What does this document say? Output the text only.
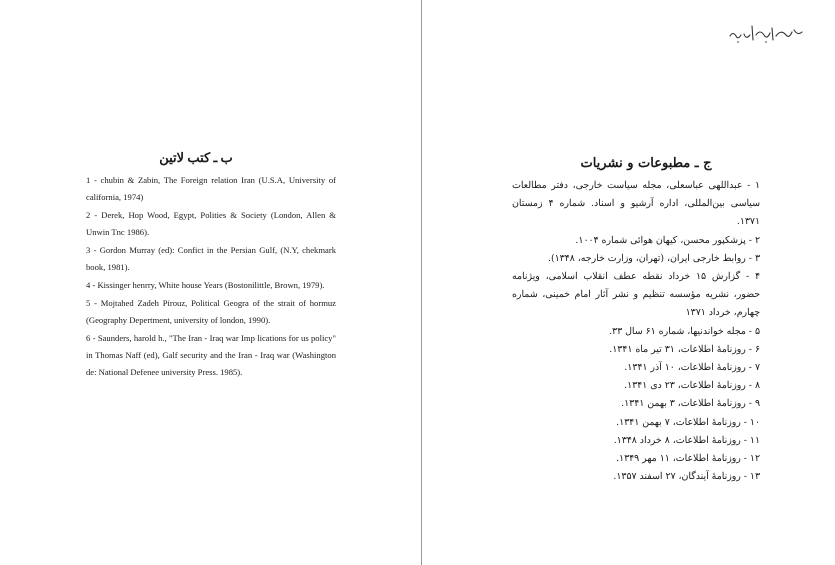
ب ـ کتب لاتین

1 - chubin & Zabin, The Foreign relation Iran (U.S.A, University of california, 1974)

2 - Derek, Hop Wood, Egypt, Polities & Society (London, Allen & Unwin Tnc 1986).

3 - Gordon Murray (ed): Confict in the Persian Gulf, (N.Y, chekmark book, 1981).

4 - Kissinger henrry, White house Years (Bostonilittle, Brown, 1979).

5 - Mojtahed Zadeh Pirouz, Political Geogra of the strait of hormuz (Geography Depertment, university of london, 1990).

6 - Saunders, harold h., "The Iran - Iraq war Imp lications for us policy" in Thomas Naff (ed), Galf security and the Iran - Iraq war (Washington de: National Defenee university Press. 1985).

ج ـ مطبوعات و نشریات

۱ - عبداللهی عباسعلی، مجله سیاست خارجی، دفتر مطالعات سیاسی بین‌المللی، اداره آرشیو و اسناد. شماره ۴ زمستان ۱۳۷۱.

۲ - پزشکپور محسن، کیهان هوائی شماره ۱۰۰۴.

۳ - روابط خارجی ایران، (تهران، وزارت خارجه، ۱۳۴۸).

۴ - گزارش ۱۵ خرداد نقطه عطف انقلاب اسلامی، ویژنامه حضور، نشریه مؤسسه تنظیم و نشر آثار امام خمینی، شماره چهارم، خرداد ۱۳۷۱

۵ - مجله خواندنیها، شماره ۶۱ سال ۳۳.

۶ - روزنامهٔ اطلاعات، ۳۱ تیر ماه ۱۳۴۱.

۷ - روزنامهٔ اطلاعات، ۱۰ آذر ۱۳۴۱.

۸ - روزنامهٔ اطلاعات، ۲۳ دی ۱۳۴۱.

۹ - روزنامهٔ اطلاعات، ۳ بهمن ۱۳۴۱.

۱۰ - روزنامهٔ اطلاعات، ۷ بهمن ۱۳۴۱.

۱۱ - روزنامهٔ اطلاعات، ۸ خرداد ۱۳۴۸.

۱۲ - روزنامهٔ اطلاعات، ۱۱ مهر ۱۳۴۹.

۱۳ - روزنامهٔ آیندگان، ۲۷ اسفند ۱۳۵۷.
